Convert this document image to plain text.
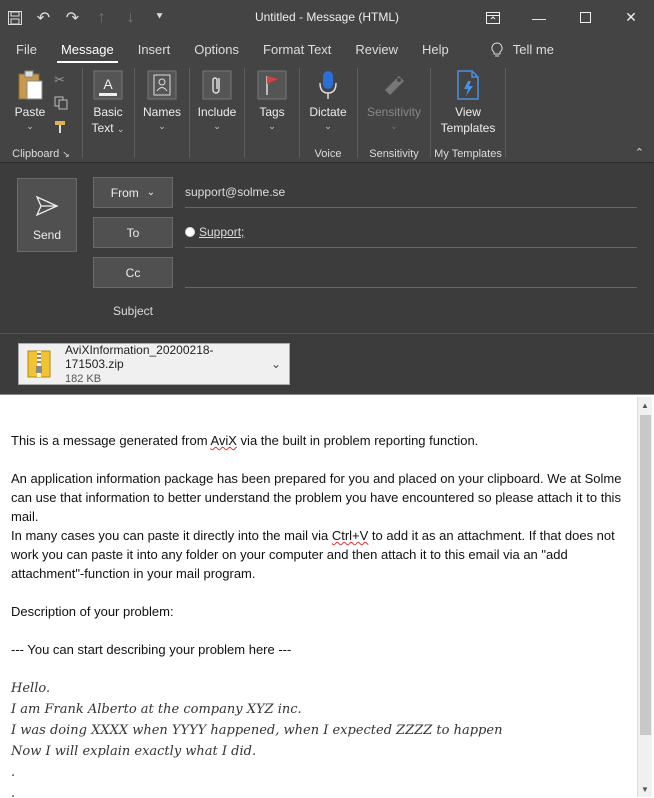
↶ ↷	↑	↓	⯆	Untitled - Message (HTML)	—	✕
File	Message	Insert	Options	Format Text	Review	Help	Tell me
Paste
⌄
✂
Clipboard ↘
A
Basic
Text ⌄
Names
⌄
Include
⌄
Tags
⌄
Dictate
⌄
Voice
Sensitivity
⌄
Sensitivity
View
Templates
My Templates	⌃
Send
From ⌄ support@solme.se
To	Support;
Cc
Subject
AviXInformation_20200218-171503.zip
182 KB
⌄

This is a message generated from AviX via the built in problem reporting function.

An application information package has been prepared for you and placed on your clipboard. We at Solme can use that information to better understand the problem you have encountered so please attach it to this mail.

In many cases you can paste it directly into the mail via Ctrl+V to add it as an attachment. If that does not work you can paste it into any folder on your computer and then attach it to this email via an "add attachment"-function in your mail program.

Description of your problem:

--- You can start describing your problem here ---

Hello.

I am Frank Alberto at the company XYZ inc.

I was doing XXXX when YYYY happened, when I expected ZZZZ to happen

Now I will explain exactly what I did.

.

.

▲
▼
